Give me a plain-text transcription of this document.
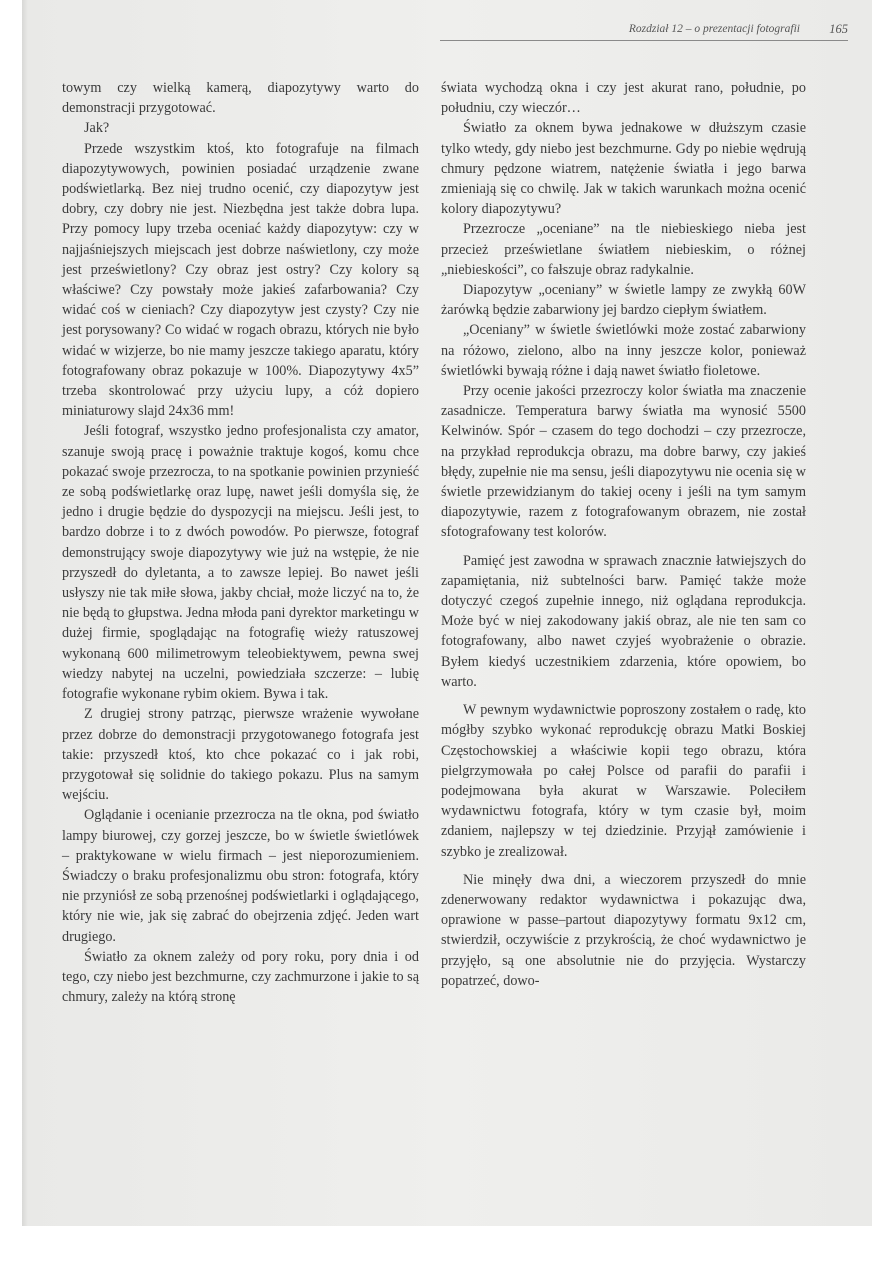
Rozdział 12 – o prezentacji fotografii 165

towym czy wielką kamerą, diapozytywy warto do demonstracji przygotować.

Jak?

Przede wszystkim ktoś, kto fotografuje na filmach diapozytywowych, powinien posiadać urządzenie zwane podświetlarką. Bez niej trudno ocenić, czy diapozytyw jest dobry, czy dobry nie jest. Niezbędna jest także dobra lupa. Przy pomocy lupy trzeba oceniać każdy diapozytyw: czy w najjaśniejszych miejscach jest dobrze naświetlony, czy może jest prześwietlony? Czy obraz jest ostry? Czy kolory są właściwe? Czy powstały może jakieś zafarbowania? Czy widać coś w cieniach? Czy diapozytyw jest czysty? Czy nie jest porysowany? Co widać w rogach obrazu, których nie było widać w wizjerze, bo nie mamy jeszcze takiego aparatu, który fotografowany obraz pokazuje w 100%. Diapozytywy 4x5” trzeba skontrolować przy użyciu lupy, a cóż dopiero miniaturowy slajd 24x36 mm!

Jeśli fotograf, wszystko jedno profesjonalista czy amator, szanuje swoją pracę i poważnie traktuje kogoś, komu chce pokazać swoje przezrocza, to na spotkanie powinien przynieść ze sobą podświetlarkę oraz lupę, nawet jeśli domyśla się, że jedno i drugie będzie do dyspozycji na miejscu. Jeśli jest, to bardzo dobrze i to z dwóch powodów. Po pierwsze, fotograf demonstrujący swoje diapozytywy wie już na wstępie, że nie przyszedł do dyletanta, a to zawsze lepiej. Bo nawet jeśli usłyszy nie tak miłe słowa, jakby chciał, może liczyć na to, że nie będą to głupstwa. Jedna młoda pani dyrektor marketingu w dużej firmie, spoglądając na fotografię wieży ratuszowej wykonaną 600 milimetrowym teleobiektywem, pewna swej wiedzy nabytej na uczelni, powiedziała szczerze: – lubię fotografie wykonane rybim okiem. Bywa i tak.

Z drugiej strony patrząc, pierwsze wrażenie wywołane przez dobrze do demonstracji przygotowanego fotografa jest takie: przyszedł ktoś, kto chce pokazać co i jak robi, przygotował się solidnie do takiego pokazu. Plus na samym wejściu.

Oglądanie i ocenianie przezrocza na tle okna, pod światło lampy biurowej, czy gorzej jeszcze, bo w świetle świetlówek – praktykowane w wielu firmach – jest nieporozumieniem. Świadczy o braku profesjonalizmu obu stron: fotografa, który nie przyniósł ze sobą przenośnej podświetlarki i oglądającego, który nie wie, jak się zabrać do obejrzenia zdjęć. Jeden wart drugiego.

Światło za oknem zależy od pory roku, pory dnia i od tego, czy niebo jest bezchmurne, czy zachmurzone i jakie to są chmury, zależy na którą stronę

świata wychodzą okna i czy jest akurat rano, południe, po południu, czy wieczór…

Światło za oknem bywa jednakowe w dłuższym czasie tylko wtedy, gdy niebo jest bezchmurne. Gdy po niebie wędrują chmury pędzone wiatrem, natężenie światła i jego barwa zmieniają się co chwilę. Jak w takich warunkach można ocenić kolory diapozytywu?

Przezrocze „oceniane” na tle niebieskiego nieba jest przecież prześwietlane światłem niebieskim, o różnej „niebieskości”, co fałszuje obraz radykalnie.

Diapozytyw „oceniany” w świetle lampy ze zwykłą 60W żarówką będzie zabarwiony jej bardzo ciepłym światłem.

„Oceniany” w świetle świetlówki może zostać zabarwiony na różowo, zielono, albo na inny jeszcze kolor, ponieważ świetlówki bywają różne i dają nawet światło fioletowe.

Przy ocenie jakości przezroczy kolor światła ma znaczenie zasadnicze. Temperatura barwy światła ma wynosić 5500 Kelwinów. Spór – czasem do tego dochodzi – czy przezrocze, na przykład reprodukcja obrazu, ma dobre barwy, czy jakieś błędy, zupełnie nie ma sensu, jeśli diapozytywu nie ocenia się w świetle przewidzianym do takiej oceny i jeśli na tym samym diapozytywie, razem z fotografowanym obrazem, nie został sfotografowany test kolorów.

Pamięć jest zawodna w sprawach znacznie łatwiejszych do zapamiętania, niż subtelności barw. Pamięć także może dotyczyć czegoś zupełnie innego, niż oglądana reprodukcja. Może być w niej zakodowany jakiś obraz, ale nie ten sam co fotografowany, albo nawet czyjeś wyobrażenie o obrazie. Byłem kiedyś uczestnikiem zdarzenia, które opowiem, bo warto.

W pewnym wydawnictwie poproszony zostałem o radę, kto mógłby szybko wykonać reprodukcję obrazu Matki Boskiej Częstochowskiej a właściwie kopii tego obrazu, która pielgrzymowała po całej Polsce od parafii do parafii i podejmowana była akurat w Warszawie. Poleciłem wydawnictwu fotografa, który w tym czasie był, moim zdaniem, najlepszy w tej dziedzinie. Przyjął zamówienie i szybko je zrealizował.

Nie minęły dwa dni, a wieczorem przyszedł do mnie zdenerwowany redaktor wydawnictwa i pokazując dwa, oprawione w passe–partout diapozytywy formatu 9x12 cm, stwierdził, oczywiście z przykrością, że choć wydawnictwo je przyjęło, są one absolutnie nie do przyjęcia. Wystarczy popatrzeć, dowo-
